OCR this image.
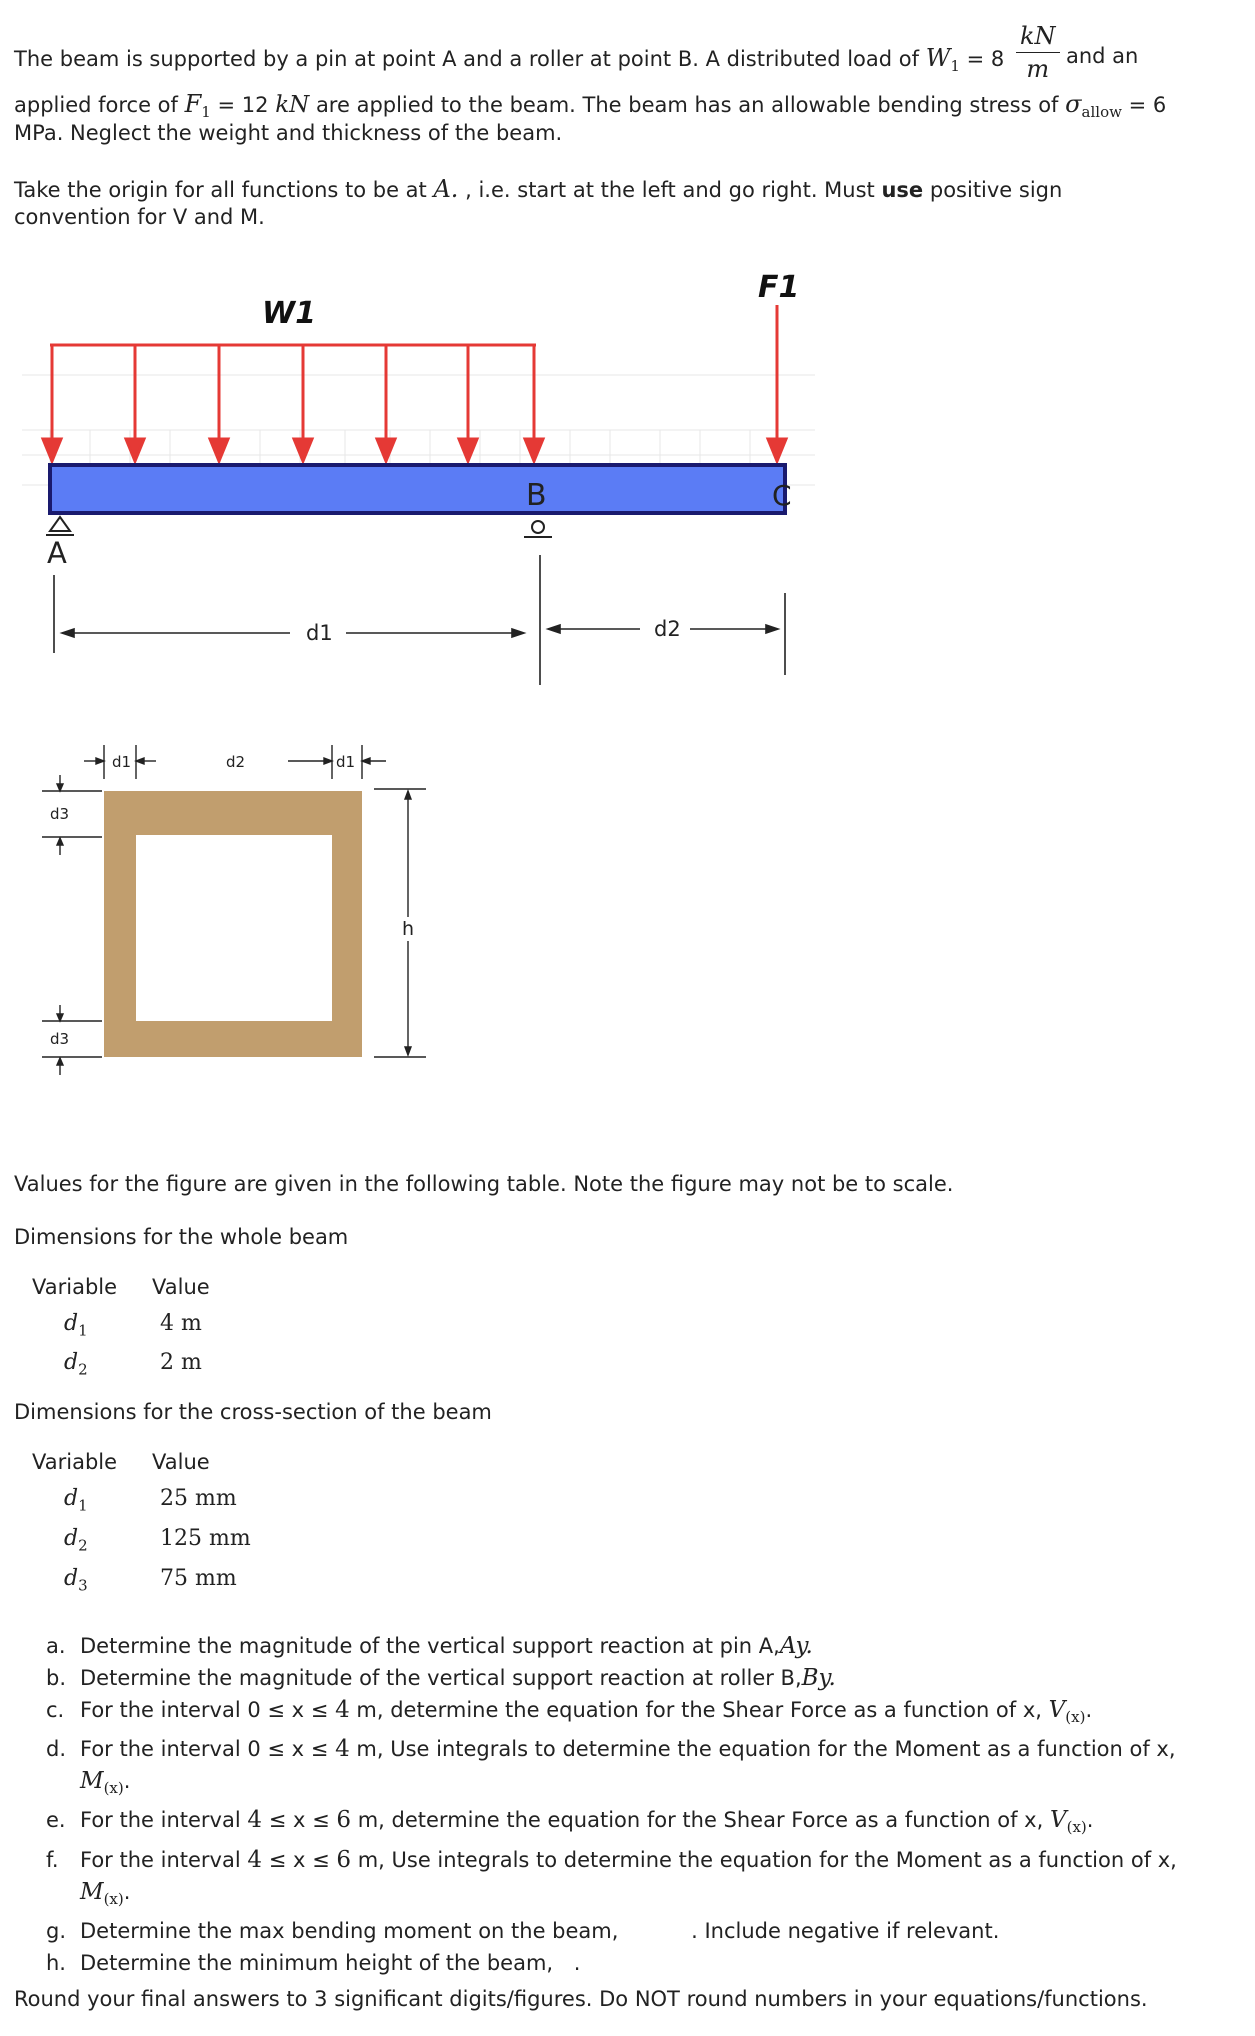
The beam is supported by a pin at point A and a roller at point B. A distributed load of $W_1 = 8 \frac{kN}{m}$ and an
applied force of $F_1 = 12$ kN are applied to the beam. The beam has an allowable bending stress of $\sigma_{allow} = 6$
MPa. Neglect the weight and thickness of the beam.
Take the origin for all functions to be at A. , i.e. start at the left and go right. Must use positive sign
convention for V and M.
W1
F1
B	C
A
d1	d2
d1	d2	d1
d3
d3
h
Values for the figure are given in the following table. Note the figure may not be to scale.
Dimensions for the whole beam
Variable Value
$d_1$	4 m
$d_2$	2 m
Dimensions for the cross-section of the beam
Variable Value
$d_1$	25 mm
$d_2$	125 mm
$d_3$	75 mm
a. Determine the magnitude of the vertical support reaction at pin A,Ay.
b. Determine the magnitude of the vertical support reaction at roller B,By.
c. For the interval 0 ≤ x ≤ 4 m, determine the equation for the Shear Force as a function of x, $V_{(x)}$.
d. For the interval 0 ≤ x ≤ 4 m, Use integrals to determine the equation for the Moment as a function of x, $M_{(x)}$.
e. For the interval 4 ≤ x ≤ 6 m, determine the equation for the Shear Force as a function of x, $V_{(x)}$.
f. For the interval 4 ≤ x ≤ 6 m, Use integrals to determine the equation for the Moment as a function of x, $M_{(x)}$.
g. Determine the max bending moment on the beam,	. Include negative if relevant.
h. Determine the minimum height of the beam, .
Round your final answers to 3 significant digits/figures. Do NOT round numbers in your equations/functions.
